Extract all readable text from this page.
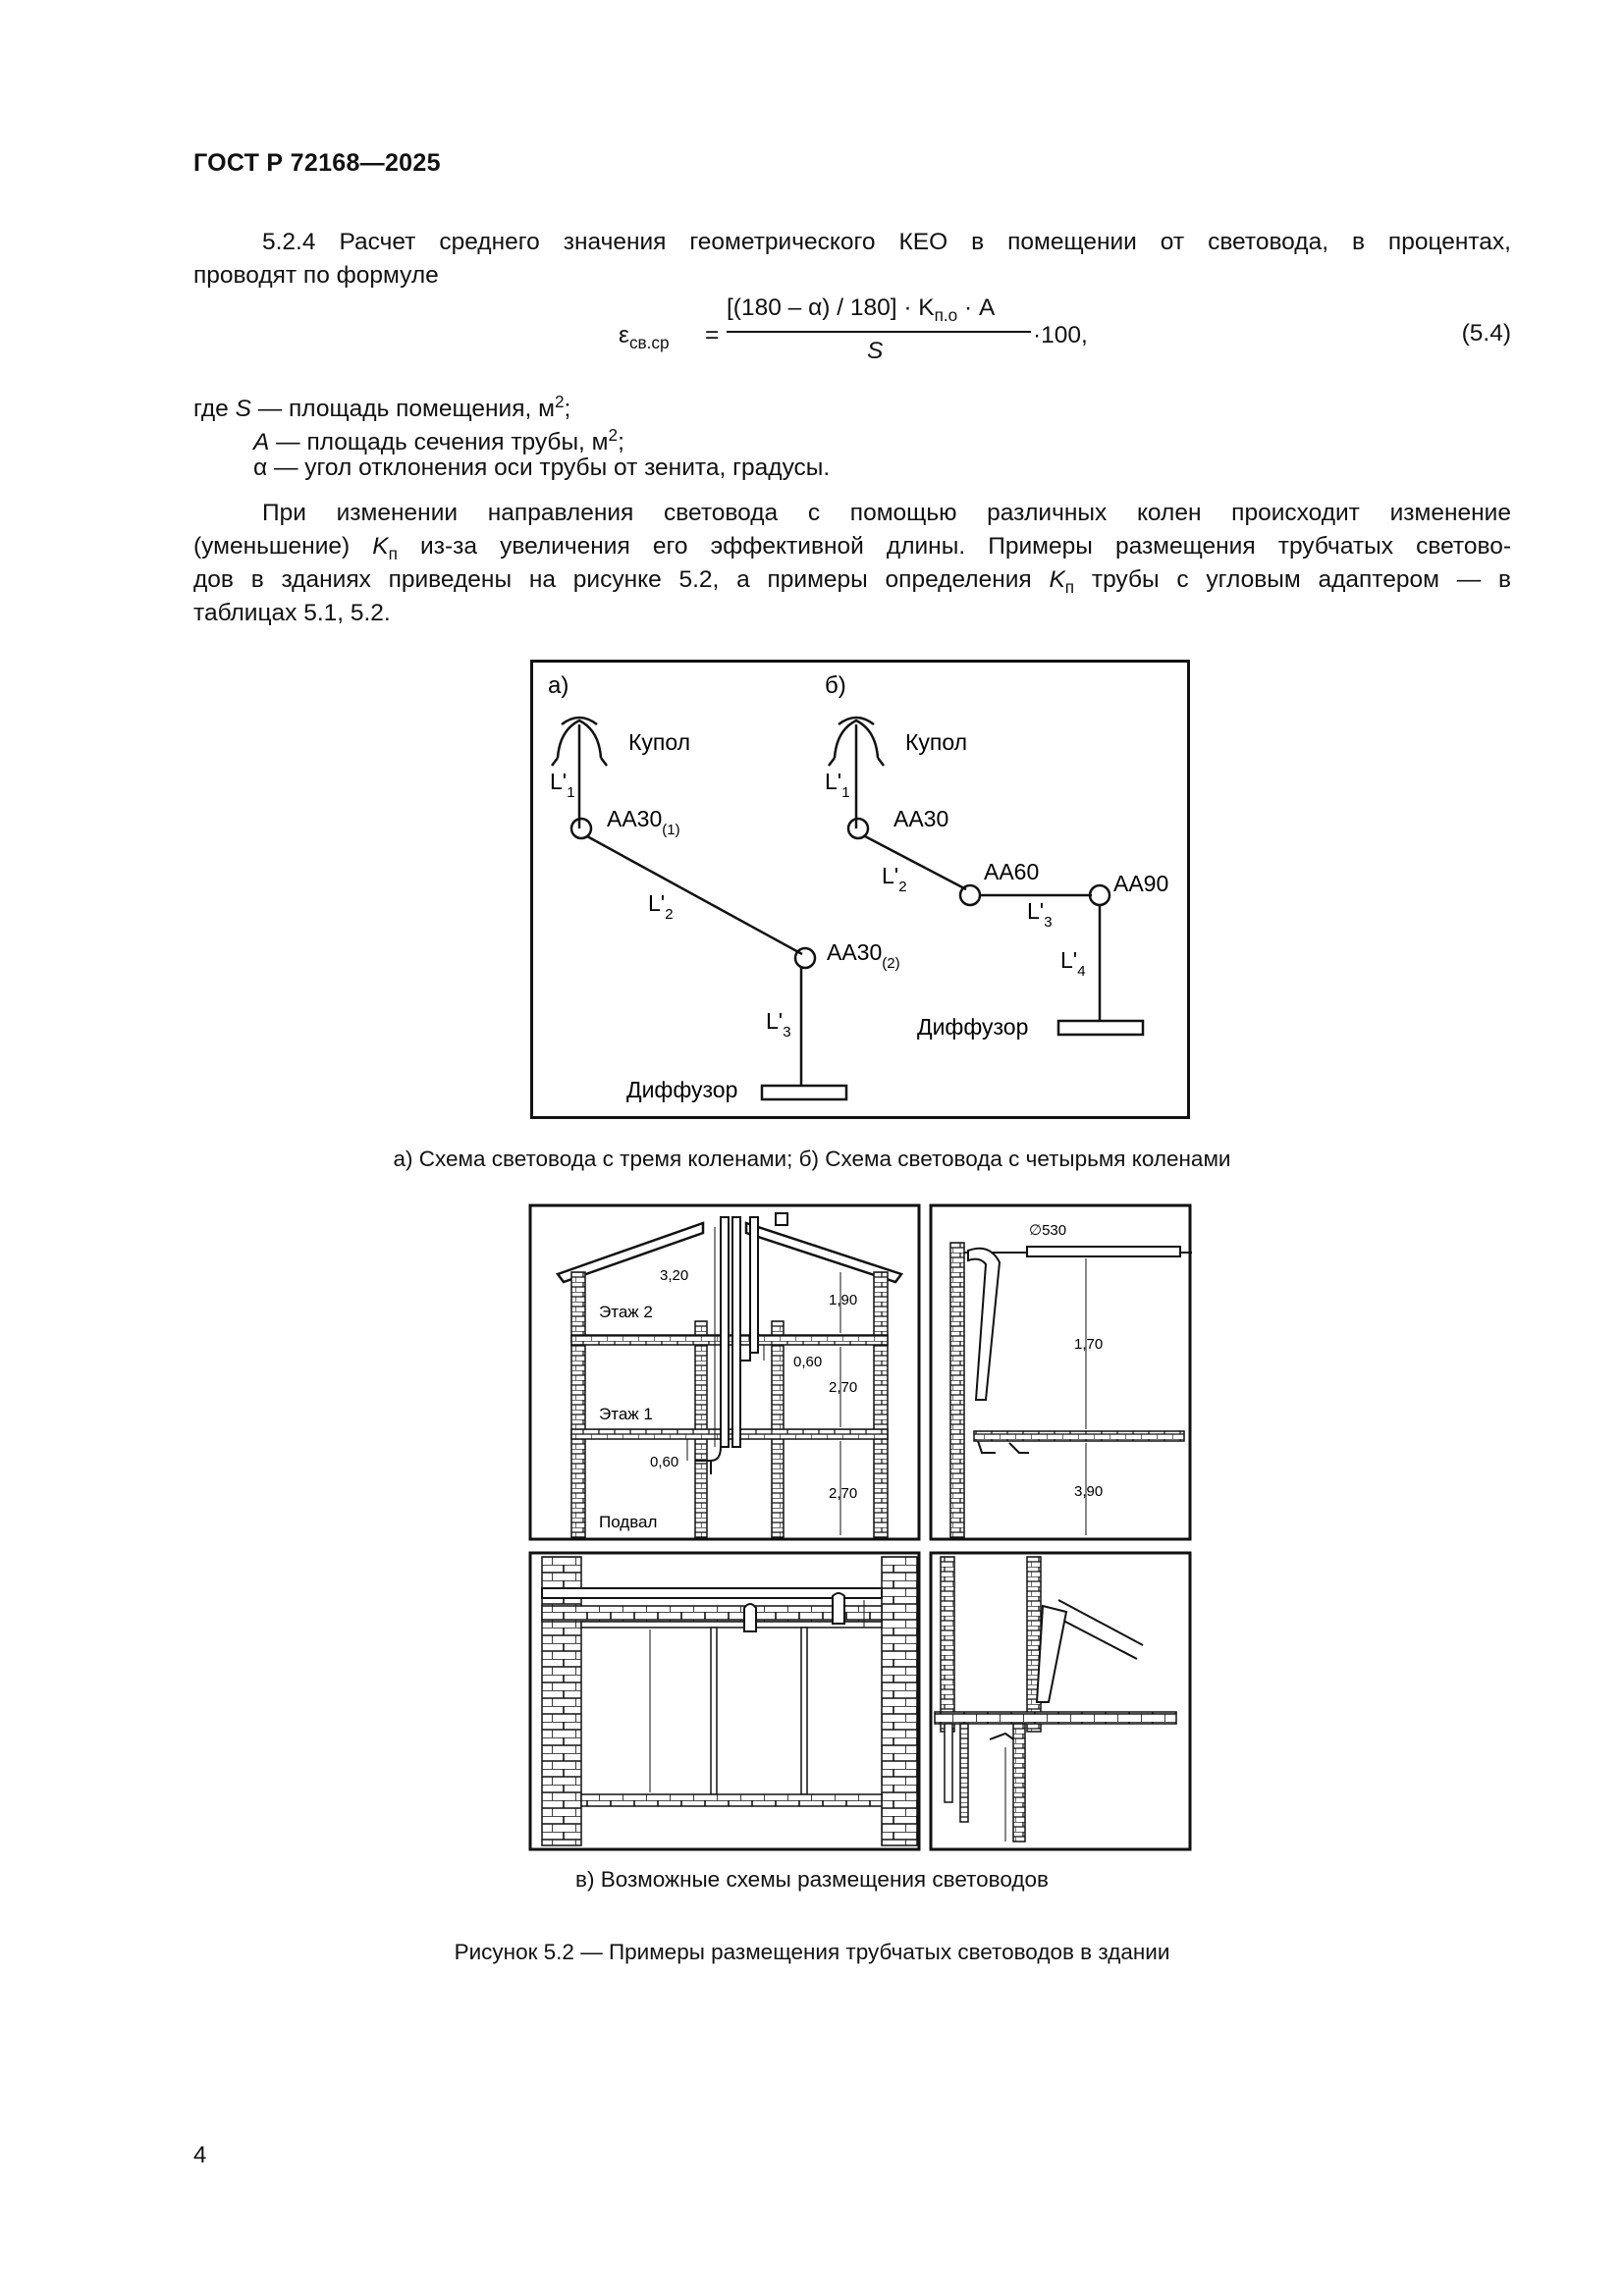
ГОСТ Р 72168—2025
5.2.4 Расчет среднего значения геометрического КЕО в помещении от световода, в процентах,
проводят по формуле
$\varepsilon_{св.ср}$ =
$[(180 - \alpha) / 180] \cdot K_{п.о} \cdot A$
S
·100,	(5.4)
где S — площадь помещения, $м^2$;
A — площадь сечения трубы, $м^2$;
α — угол отклонения оси трубы от зенита, градусы.
При изменении направления световода с помощью различных колен происходит изменение
(уменьшение) $K_п$ из-за увеличения его эффективной длины. Примеры размещения трубчатых светово-
дов в зданиях приведены на рисунке 5.2, а примеры определения $K_п$ трубы с угловым адаптером — в
таблицах 5.1, 5.2.
а)
Купол
$L'_1$
$АА30_{(1)}$
$L'_2$
$АА30_{(2)}$
$L'_3$
Диффузор
б)
Купол
$L'_1$
АА30
$L'_2$
АА60
$L'_3$
АА90
$L'_4$
Диффузор
а) Схема световода с тремя коленами; б) Схема световода с четырьмя коленами
3,20
1,90
0,60
2,70
0,60
2,70
Этаж 2
Этаж 1
Подвал
∅530
1,70
3,90
в) Возможные схемы размещения световодов
Рисунок 5.2 — Примеры размещения трубчатых световодов в здании
4
